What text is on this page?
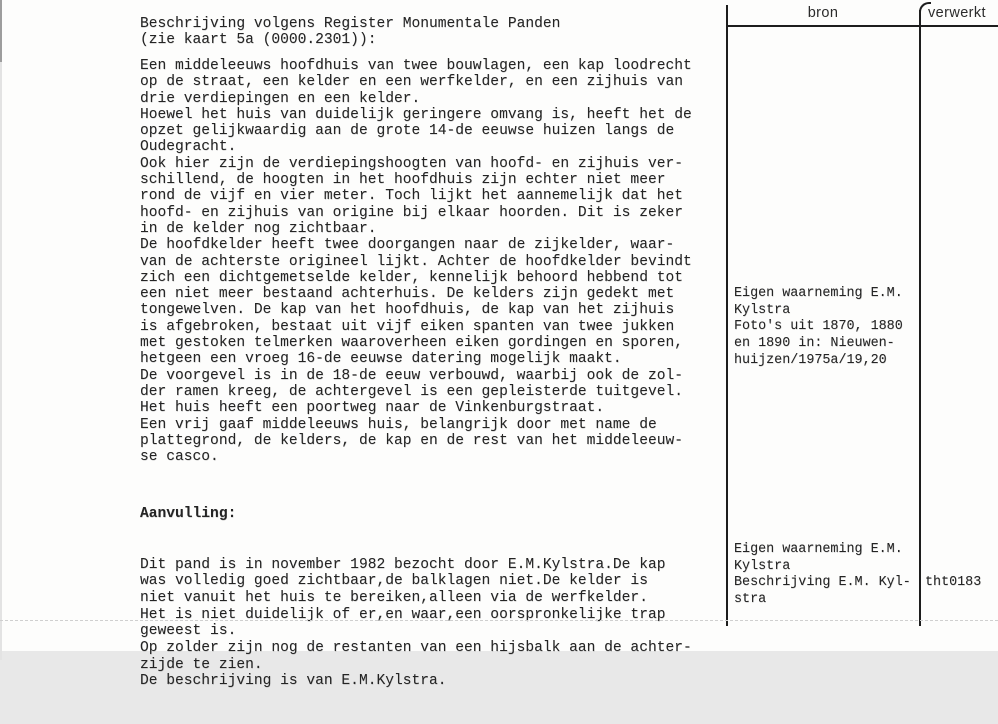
Beschrijving volgens Register Monumentale Panden
(zie kaart 5a (0000.2301)):
Een middeleeuws hoofdhuis van twee bouwlagen, een kap loodrecht
op de straat, een kelder en een werfkelder, en een zijhuis van
drie verdiepingen en een kelder.
Hoewel het huis van duidelijk geringere omvang is, heeft het de
opzet gelijkwaardig aan de grote 14-de eeuwse huizen langs de
Oudegracht.
Ook hier zijn de verdiepingshoogten van hoofd- en zijhuis ver-
schillend, de hoogten in het hoofdhuis zijn echter niet meer
rond de vijf en vier meter. Toch lijkt het aannemelijk dat het
hoofd- en zijhuis van origine bij elkaar hoorden. Dit is zeker
in de kelder nog zichtbaar.
De hoofdkelder heeft twee doorgangen naar de zijkelder, waar-
van de achterste origineel lijkt. Achter de hoofdkelder bevindt
zich een dichtgemetselde kelder, kennelijk behoord hebbend tot
een niet meer bestaand achterhuis. De kelders zijn gedekt met
tongewelven. De kap van het hoofdhuis, de kap van het zijhuis
is afgebroken, bestaat uit vijf eiken spanten van twee jukken
met gestoken telmerken waaroverheen eiken gordingen en sporen,
hetgeen een vroeg 16-de eeuwse datering mogelijk maakt.
De voorgevel is in de 18-de eeuw verbouwd, waarbij ook de zol-
der ramen kreeg, de achtergevel is een gepleisterde tuitgevel.
Het huis heeft een poortweg naar de Vinkenburgstraat.
Een vrij gaaf middeleeuws huis, belangrijk door met name de
plattegrond, de kelders, de kap en de rest van het middeleeuw-
se casco.

Aanvulling:

Dit pand is in november 1982 bezocht door E.M.Kylstra.De kap
was volledig goed zichtbaar,de balklagen niet.De kelder is
niet vanuit het huis te bereiken,alleen via de werfkelder.
Het is niet duidelijk of er,en waar,een oorspronkelijke trap
geweest is.
Op zolder zijn nog de restanten van een hijsbalk aan de achter-
zijde te zien.
De beschrijving is van E.M.Kylstra.

bron	verwerkt
Eigen waarneming E.M.
Kylstra
Foto's uit 1870, 1880
en 1890 in: Nieuwen-
huijzen/1975a/19,20
Eigen waarneming E.M.
Kylstra
Beschrijving E.M. Kyl-
stra
tht0183
